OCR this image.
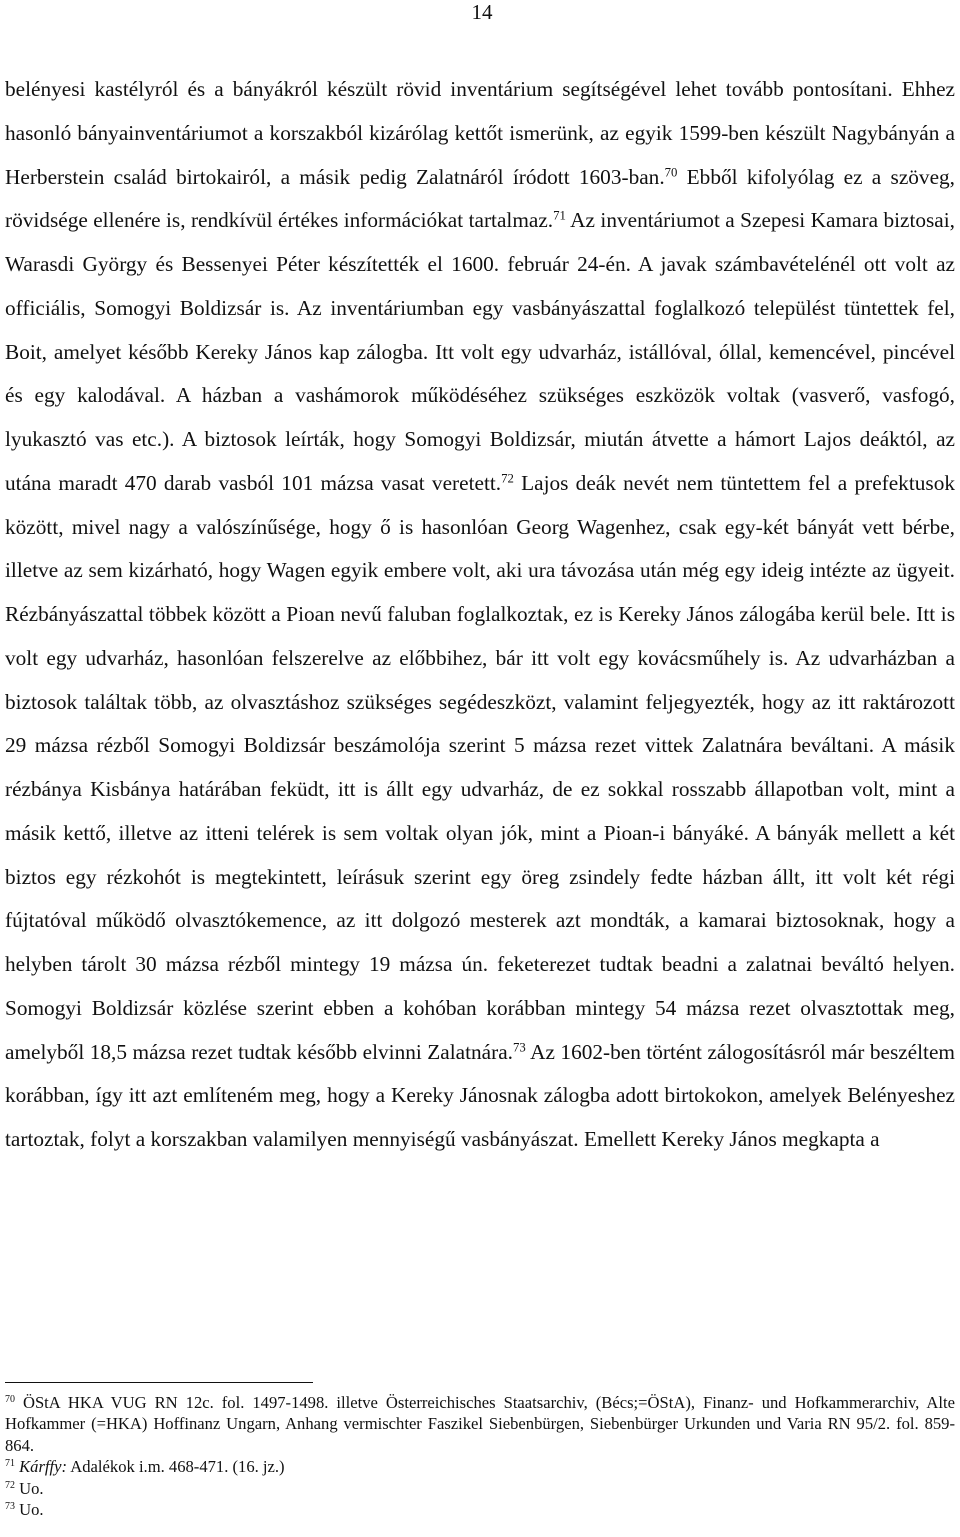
14

belényesi kastélyról és a bányákról készült rövid inventárium segítségével lehet tovább pontosítani. Ehhez hasonló bányainventáriumot a korszakból kizárólag kettőt ismerünk, az egyik 1599-ben készült Nagybányán a Herberstein család birtokairól, a másik pedig Zalatnáról íródott 1603-ban.$^{70}$ Ebből kifolyólag ez a szöveg, rövidsége ellenére is, rendkívül értékes információkat tartalmaz.$^{71}$ Az inventáriumot a Szepesi Kamara biztosai, Warasdi György és Bessenyei Péter készítették el 1600. február 24-én. A javak számbavételénél ott volt az officiális, Somogyi Boldizsár is. Az inventáriumban egy vasbányászattal foglalkozó települést tüntettek fel, Boit, amelyet később Kereky János kap zálogba. Itt volt egy udvarház, istállóval, óllal, kemencével, pincével és egy kalodával. A házban a vashámorok működéséhez szükséges eszközök voltak (vasverő, vasfogó, lyukasztó vas etc.). A biztosok leírták, hogy Somogyi Boldizsár, miután átvette a hámort Lajos deáktól, az utána maradt 470 darab vasból 101 mázsa vasat veretett.$^{72}$ Lajos deák nevét nem tüntettem fel a prefektusok között, mivel nagy a valószínűsége, hogy ő is hasonlóan Georg Wagenhez, csak egy-két bányát vett bérbe, illetve az sem kizárható, hogy Wagen egyik embere volt, aki ura távozása után még egy ideig intézte az ügyeit. Rézbányászattal többek között a Pioan nevű faluban foglalkoztak, ez is Kereky János zálogába kerül bele. Itt is volt egy udvarház, hasonlóan felszerelve az előbbihez, bár itt volt egy kovácsműhely is. Az udvarházban a biztosok találtak több, az olvasztáshoz szükséges segédeszközt, valamint feljegyezték, hogy az itt raktározott 29 mázsa rézből Somogyi Boldizsár beszámolója szerint 5 mázsa rezet vittek Zalatnára beváltani. A másik rézbánya Kisbánya határában feküdt, itt is állt egy udvarház, de ez sokkal rosszabb állapotban volt, mint a másik kettő, illetve az itteni telérek is sem voltak olyan jók, mint a Pioan-i bányáké. A bányák mellett a két biztos egy rézkohót is megtekintett, leírásuk szerint egy öreg zsindely fedte házban állt, itt volt két régi fújtatóval működő olvasztókemence, az itt dolgozó mesterek azt mondták, a kamarai biztosoknak, hogy a helyben tárolt 30 mázsa rézből mintegy 19 mázsa ún. feketerezet tudtak beadni a zalatnai beváltó helyen. Somogyi Boldizsár közlése szerint ebben a kohóban korábban mintegy 54 mázsa rezet olvasztottak meg, amelyből 18,5 mázsa rezet tudtak később elvinni Zalatnára.$^{73}$ Az 1602-ben történt zálogosításról már beszéltem korábban, így itt azt említeném meg, hogy a Kereky Jánosnak zálogba adott birtokokon, amelyek Belényeshez tartoztak, folyt a korszakban valamilyen mennyiségű vasbányászat. Emellett Kereky János megkapta a

$^{70}$ ÖStA HKA VUG RN 12c. fol. 1497-1498. illetve Österreichisches Staatsarchiv, (Bécs;=ÖStA), Finanz- und Hofkammerarchiv, Alte Hofkammer (=HKA) Hoffinanz Ungarn, Anhang vermischter Faszikel Siebenbürgen, Siebenbürger Urkunden und Varia RN 95/2. fol. 859-864.

$^{71}$ Kárffy: Adalékok i.m. 468-471. (16. jz.)

$^{72}$ Uo.

$^{73}$ Uo.
